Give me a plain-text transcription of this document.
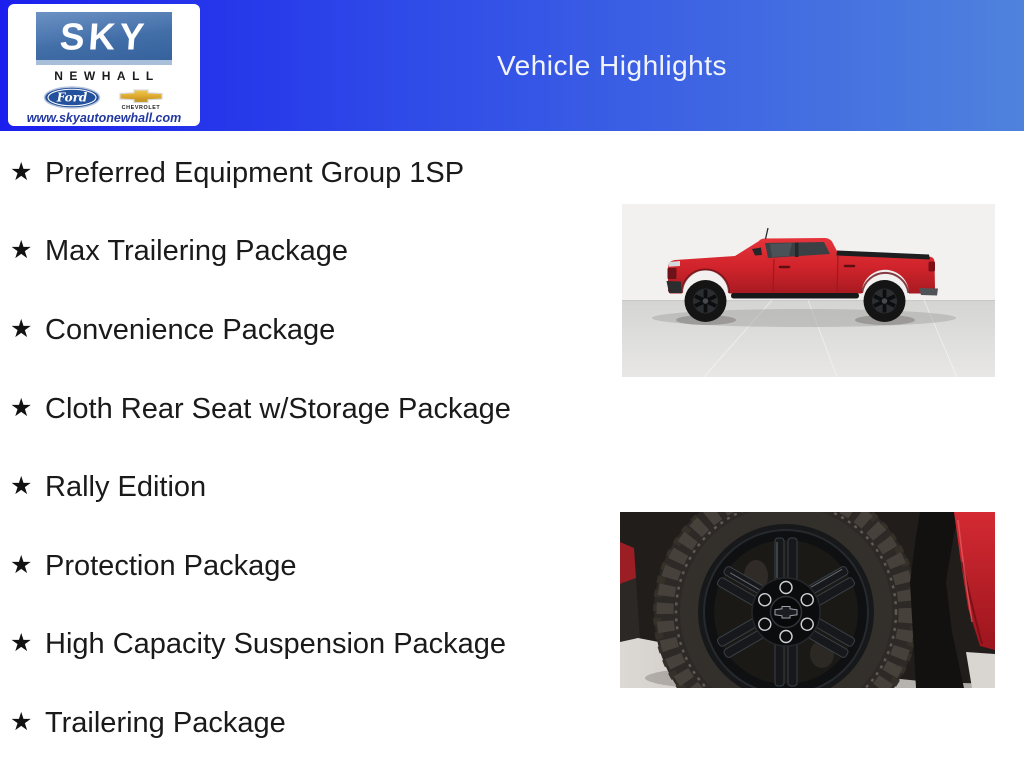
SKY
NEWHALL
Ford
CHEVROLET
www.skyautonewhall.com
Vehicle Highlights
★ Preferred Equipment Group 1SP
★ Max Trailering Package
★ Convenience Package
★ Cloth Rear Seat w/Storage Package
★ Rally Edition
★ Protection Package
★ High Capacity Suspension Package
★ Trailering Package
